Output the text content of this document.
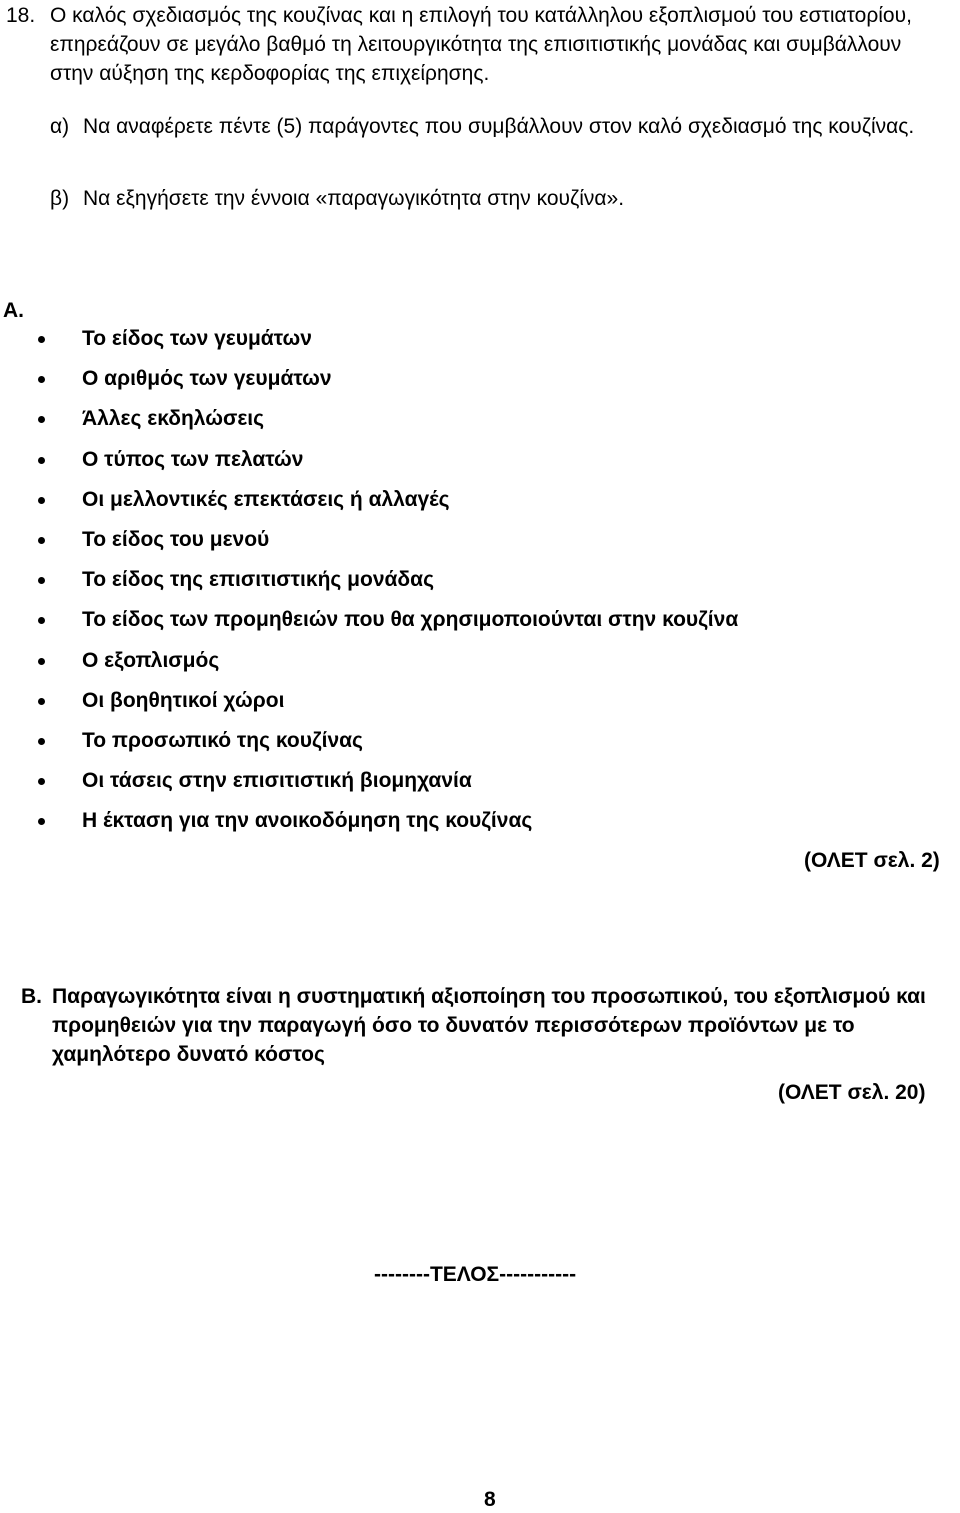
18. Ο καλός σχεδιασμός της κουζίνας και η επιλογή του κατάλληλου εξοπλισμού του εστιατορίου, επηρεάζουν σε μεγάλο βαθμό τη λειτουργικότητα της επισιτιστικής μονάδας και συμβάλλουν στην αύξηση της κερδοφορίας της επιχείρησης.
α) Να αναφέρετε πέντε (5) παράγοντες που συμβάλλουν στον καλό σχεδιασμό της κουζίνας.
β) Να εξηγήσετε την έννοια «παραγωγικότητα στην κουζίνα».
Α.
Το είδος των γευμάτων
Ο αριθμός των γευμάτων
Άλλες εκδηλώσεις
Ο τύπος των πελατών
Οι μελλοντικές επεκτάσεις ή αλλαγές
Το είδος του μενού
Το είδος της επισιτιστικής μονάδας
Το είδος των προμηθειών που θα χρησιμοποιούνται στην κουζίνα
Ο εξοπλισμός
Οι βοηθητικοί χώροι
Το προσωπικό της κουζίνας
Οι τάσεις στην επισιτιστική βιομηχανία
Η έκταση για την ανοικοδόμηση της κουζίνας
(ΟΛΕΤ σελ. 2)
Β. Παραγωγικότητα είναι η συστηματική αξιοποίηση του προσωπικού, του εξοπλισμού και προμηθειών για την παραγωγή όσο το δυνατόν περισσότερων προϊόντων με το χαμηλότερο δυνατό κόστος
(ΟΛΕΤ σελ. 20)
--------ΤΕΛΟΣ-----------
8
